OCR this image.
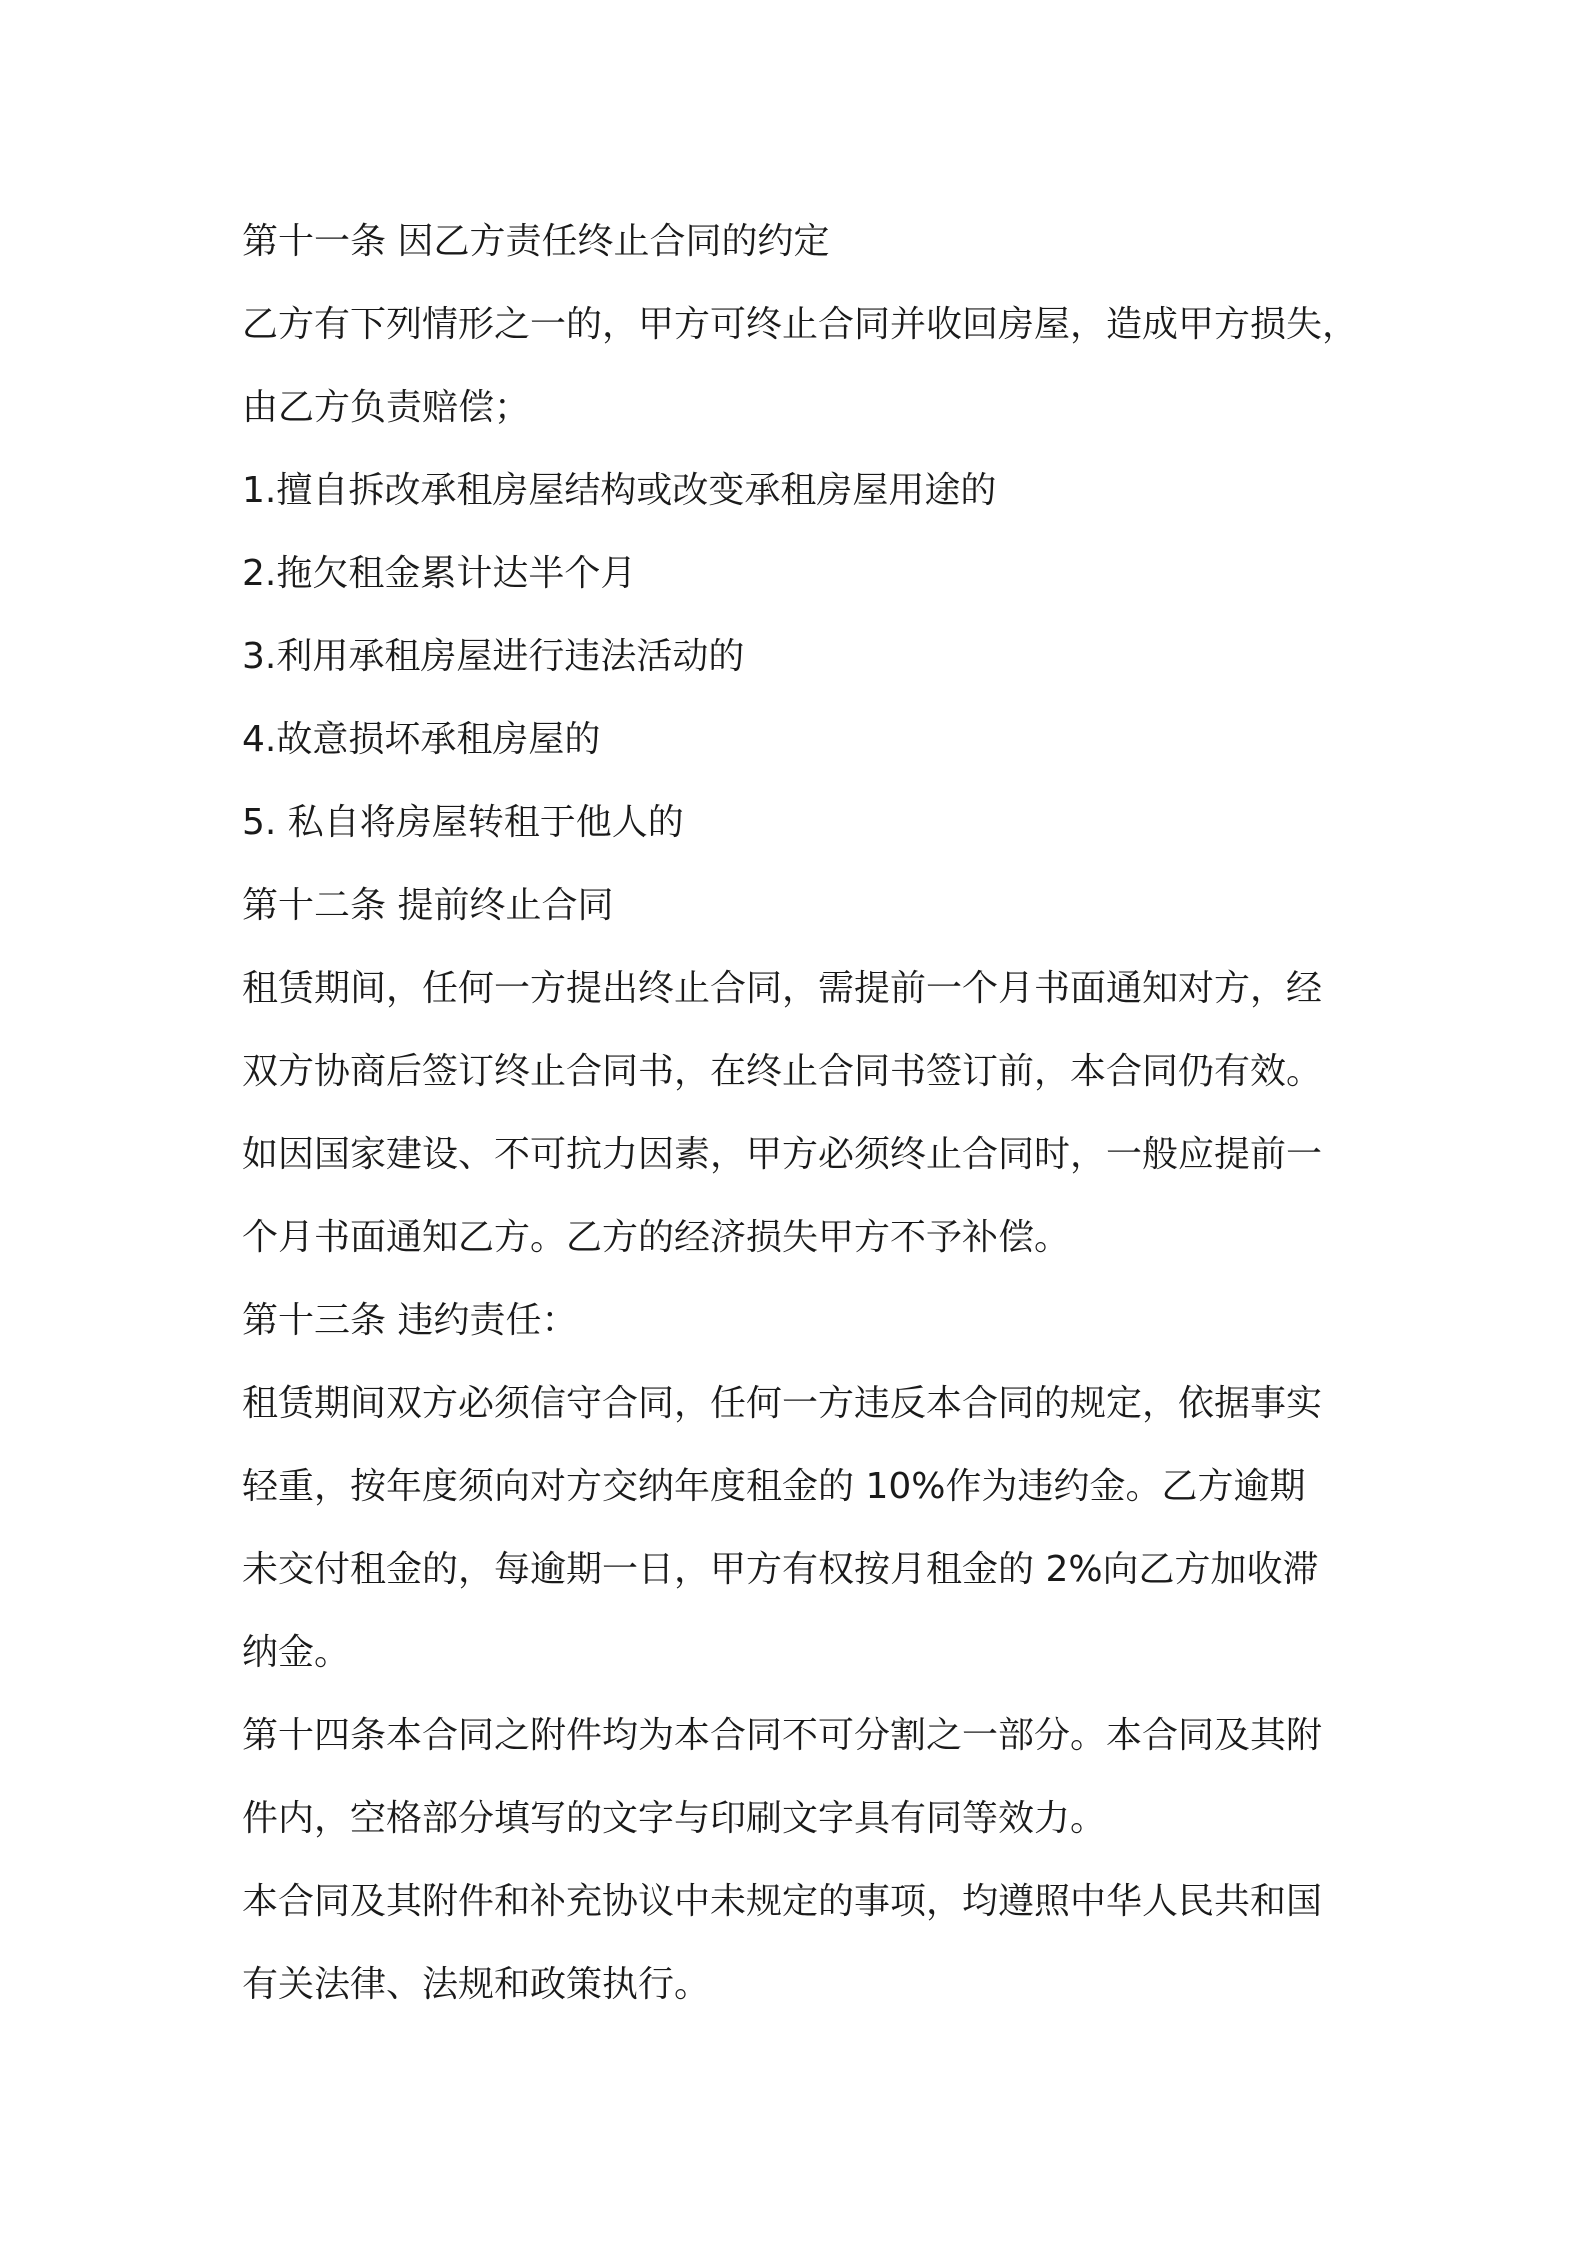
第十一条 因乙方责任终止合同的约定
乙方有下列情形之一的，甲方可终止合同并收回房屋，造成甲方损失，
由乙方负责赔偿；
1.擅自拆改承租房屋结构或改变承租房屋用途的
2.拖欠租金累计达半个月
3.利用承租房屋进行违法活动的
4.故意损坏承租房屋的
5. 私自将房屋转租于他人的
第十二条 提前终止合同
租赁期间，任何一方提出终止合同，需提前一个月书面通知对方，经
双方协商后签订终止合同书，在终止合同书签订前，本合同仍有效。
如因国家建设、不可抗力因素，甲方必须终止合同时，一般应提前一
个月书面通知乙方。乙方的经济损失甲方不予补偿。
第十三条 违约责任：
租赁期间双方必须信守合同，任何一方违反本合同的规定，依据事实
轻重，按年度须向对方交纳年度租金的 10%作为违约金。乙方逾期
未交付租金的，每逾期一日，甲方有权按月租金的 2%向乙方加收滞
纳金。
第十四条本合同之附件均为本合同不可分割之一部分。本合同及其附
件内，空格部分填写的文字与印刷文字具有同等效力。
本合同及其附件和补充协议中未规定的事项，均遵照中华人民共和国
有关法律、法规和政策执行。
